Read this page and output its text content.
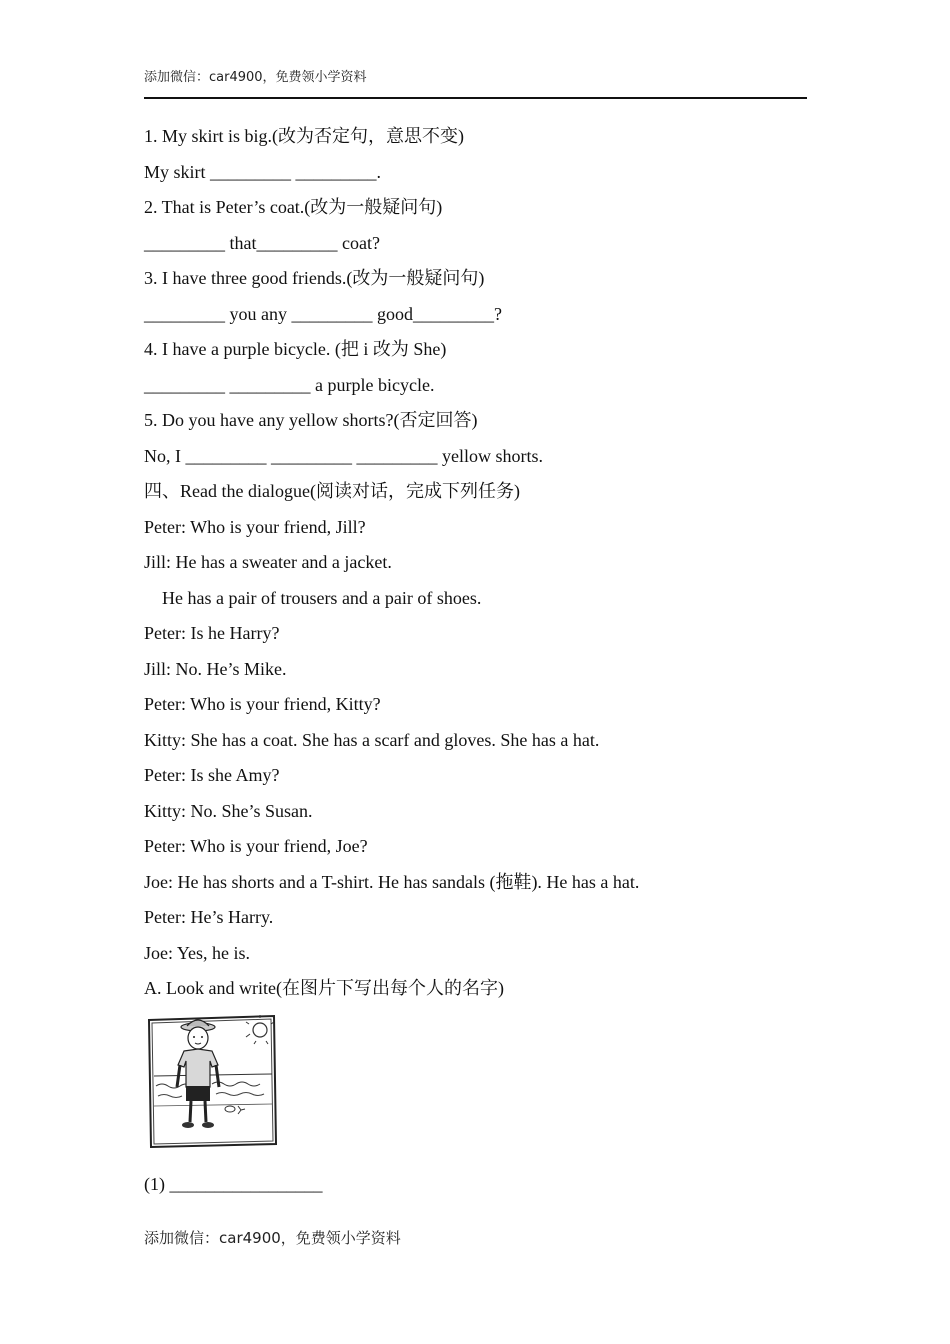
添加微信：car4900，免费领小学资料
1. My skirt is big.(改为否定句，意思不变)
My skirt _________ _________.
2. That is Peter’s coat.(改为一般疑问句)
_________ that_________ coat?
3. I have three good friends.(改为一般疑问句)
_________ you any _________ good_________?
4. I have a purple bicycle. (把 i 改为 She)
_________ _________ a purple bicycle.
5. Do you have any yellow shorts?(否定回答)
No, I _________ _________ _________ yellow shorts.
四、Read the dialogue(阅读对话，完成下列任务)
Peter: Who is your friend, Jill?
Jill: He has a sweater and a jacket.
He has a pair of trousers and a pair of shoes.
Peter: Is he Harry?
Jill: No. He’s Mike.
Peter: Who is your friend, Kitty?
Kitty: She has a coat. She has a scarf and gloves. She has a hat.
Peter: Is she Amy?
Kitty: No. She’s Susan.
Peter: Who is your friend, Joe?
Joe: He has shorts and a T-shirt. He has sandals (拖鞋). He has a hat.
Peter: He’s Harry.
Joe: Yes, he is.
A. Look and write(在图片下写出每个人的名字)
(1) _________________
添加微信：car4900，免费领小学资料
